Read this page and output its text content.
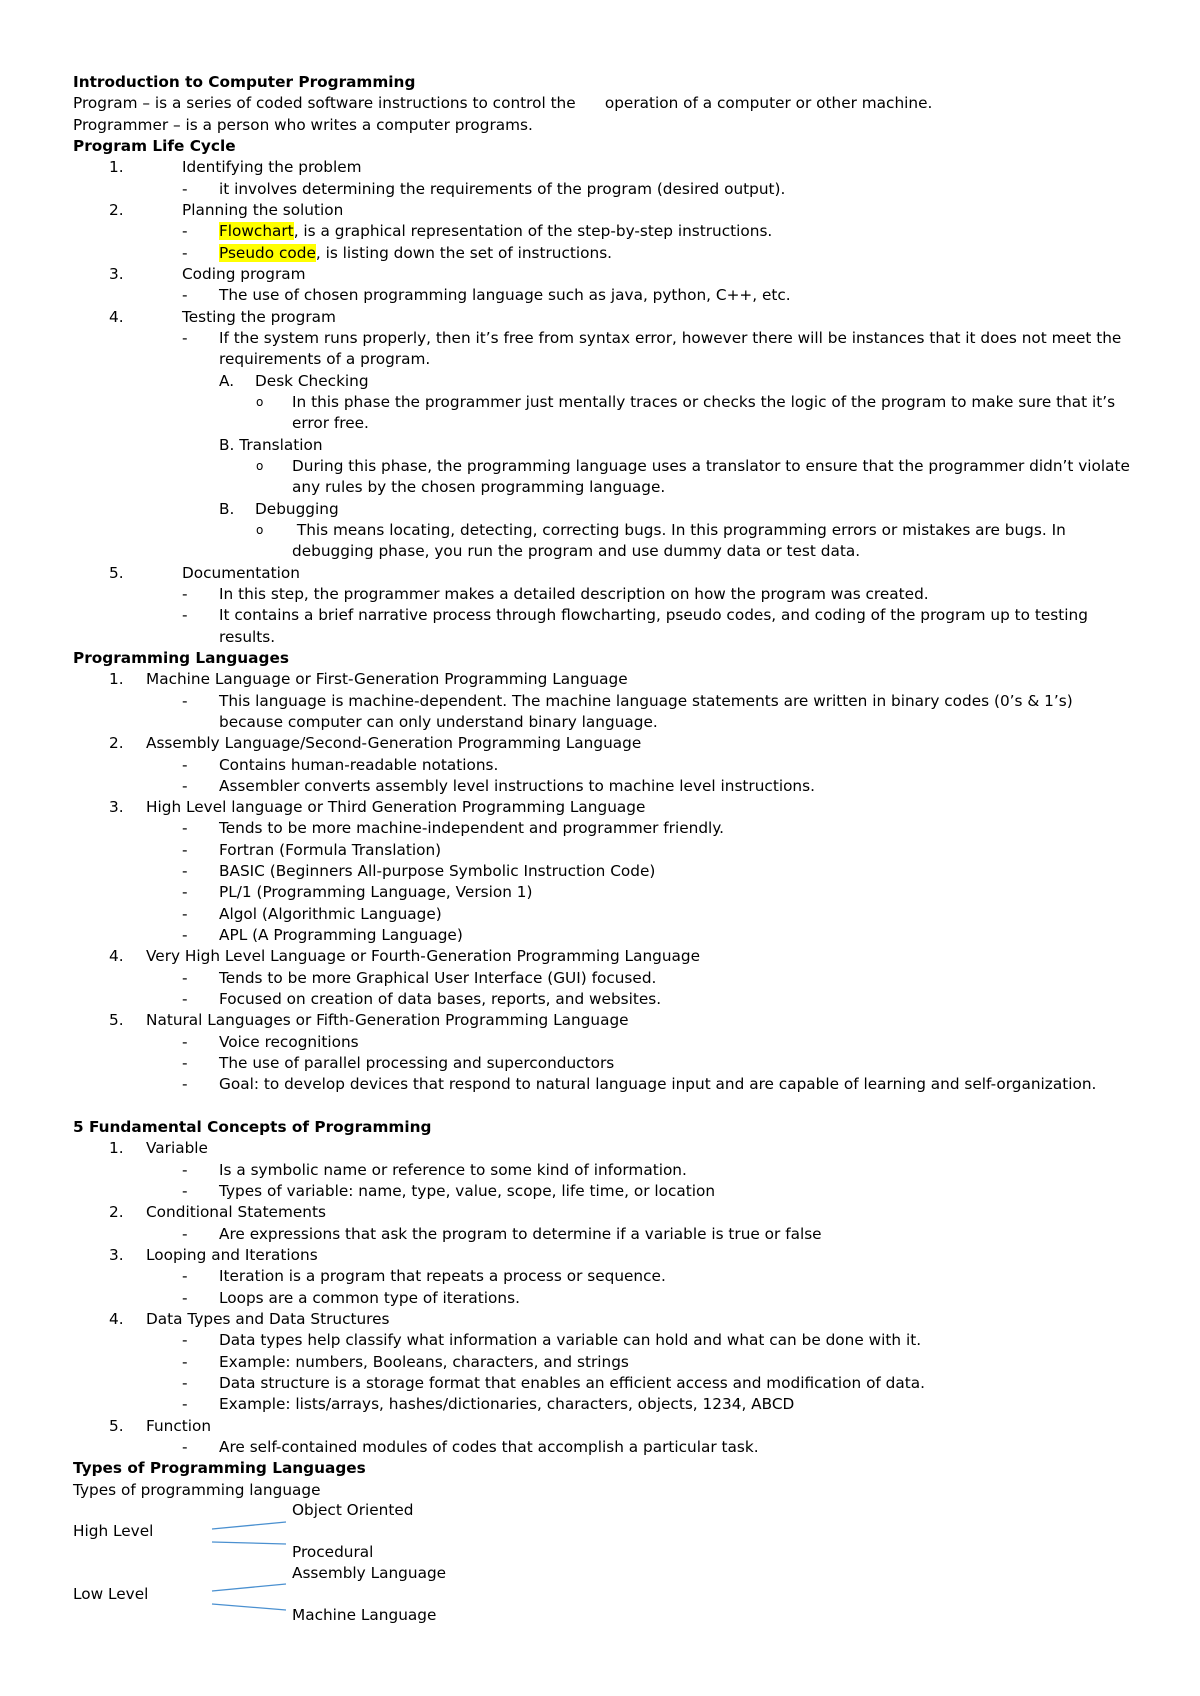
Introduction to Computer Programming
Program – is a series of coded software instructions to control the      operation of a computer or other machine.
Programmer – is a person who writes a computer programs.
Program Life Cycle
1.	Identifying the problem
- it involves determining the requirements of the program (desired output).
2.	Planning the solution
- Flowchart, is a graphical representation of the step-by-step instructions.
- Pseudo code, is listing down the set of instructions.
3.	Coding program
- The use of chosen programming language such as java, python, C++, etc.
4.	Testing the program
- If the system runs properly, then it’s free from syntax error, however there will be instances that it does not meet the requirements of a program.
A. Desk Checking
o In this phase the programmer just mentally traces or checks the logic of the program to make sure that it’s error free.
B. Translation
o During this phase, the programming language uses a translator to ensure that the programmer didn’t violate any rules by the chosen programming language.
B. Debugging
o This means locating, detecting, correcting bugs. In this programming errors or mistakes are bugs. In debugging phase, you run the program and use dummy data or test data.
5.	Documentation
- In this step, the programmer makes a detailed description on how the program was created.
- It contains a brief narrative process through flowcharting, pseudo codes, and coding of the program up to testing results.
Programming Languages
1. Machine Language or First-Generation Programming Language
- This language is machine-dependent. The machine language statements are written in binary codes (0’s & 1’s) because computer can only understand binary language.
2. Assembly Language/Second-Generation Programming Language
- Contains human-readable notations.
- Assembler converts assembly level instructions to machine level instructions.
3. High Level language or Third Generation Programming Language
- Tends to be more machine-independent and programmer friendly.
- Fortran (Formula Translation)
- BASIC (Beginners All-purpose Symbolic Instruction Code)
- PL/1 (Programming Language, Version 1)
- Algol (Algorithmic Language)
- APL (A Programming Language)
4. Very High Level Language or Fourth-Generation Programming Language
- Tends to be more Graphical User Interface (GUI) focused.
- Focused on creation of data bases, reports, and websites.
5. Natural Languages or Fifth-Generation Programming Language
- Voice recognitions
- The use of parallel processing and superconductors
- Goal: to develop devices that respond to natural language input and are capable of learning and self-organization.
5 Fundamental Concepts of Programming
1. Variable
- Is a symbolic name or reference to some kind of information.
- Types of variable: name, type, value, scope, life time, or location
2. Conditional Statements
- Are expressions that ask the program to determine if a variable is true or false
3. Looping and Iterations
- Iteration is a program that repeats a process or sequence.
- Loops are a common type of iterations.
4. Data Types and Data Structures
- Data types help classify what information a variable can hold and what can be done with it.
- Example: numbers, Booleans, characters, and strings
- Data structure is a storage format that enables an efficient access and modification of data.
- Example: lists/arrays, hashes/dictionaries, characters, objects, 1234, ABCD
5. Function
- Are self-contained modules of codes that accomplish a particular task.
Types of Programming Languages
Types of programming language
Object Oriented
High Level
Procedural
Assembly Language
Low Level
Machine Language
